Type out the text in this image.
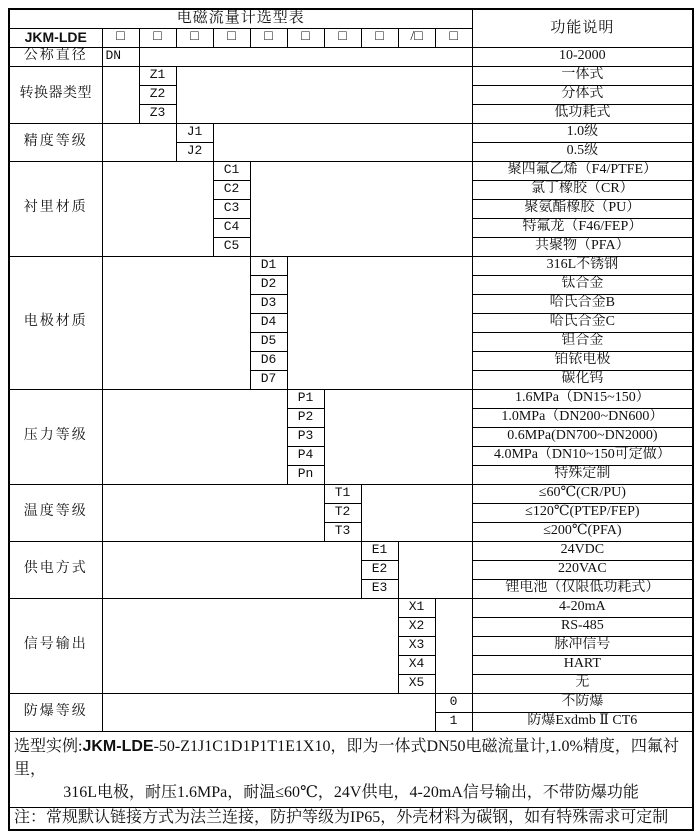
电磁流量计选型表											功能说明
JKM-LDE	□	□	□	□	□	□	□	□	/□	□	
公称直径	DN										10-2000
转换器类型		Z1									一体式
		Z2									分体式
		Z3									低功耗式
精度等级			J1								1.0级
			J2								0.5级
衬里材质				C1							聚四氟乙烯（F4/PTFE）
				C2							氯丁橡胶（CR）
				C3							聚氨酯橡胶（PU）
				C4							特氟龙（F46/FEP）
				C5							共聚物（PFA）
电极材质					D1						316L不锈钢
					D2						钛合金
					D3						哈氏合金B
					D4						哈氏合金C
					D5						钽合金
					D6						铂铱电极
					D7						碳化钨
压力等级						P1					1.6MPa（DN15~150）
						P2					1.0MPa（DN200~DN600）
						P3					0.6MPa(DN700~DN2000)
						P4					4.0MPa（DN10~150可定做）
						Pn					特殊定制
温度等级							T1				≤60℃(CR/PU)
							T2				≤120℃(PTEP/FEP)
							T3				≤200℃(PFA)
供电方式								E1			24VDC
								E2			220VAC
								E3			锂电池（仅限低功耗式）
信号输出									X1		4-20mA
									X2		RS-485
									X3		脉冲信号
									X4		HART
									X5		无
防爆等级										0	不防爆
										1	防爆Exdmb Ⅱ CT6

选型实例:JKM-LDE-50-Z1J1C1D1P1T1E1X10，即为一体式DN50电磁流量计,1.0%精度，四氟衬里，
316L电极，耐压1.6MPa，耐温≤60℃，24V供电，4-20mA信号输出，不带防爆功能											

注：常规默认链接方式为法兰连接，防护等级为IP65，外壳材料为碳钢，如有特殊需求可定制											
